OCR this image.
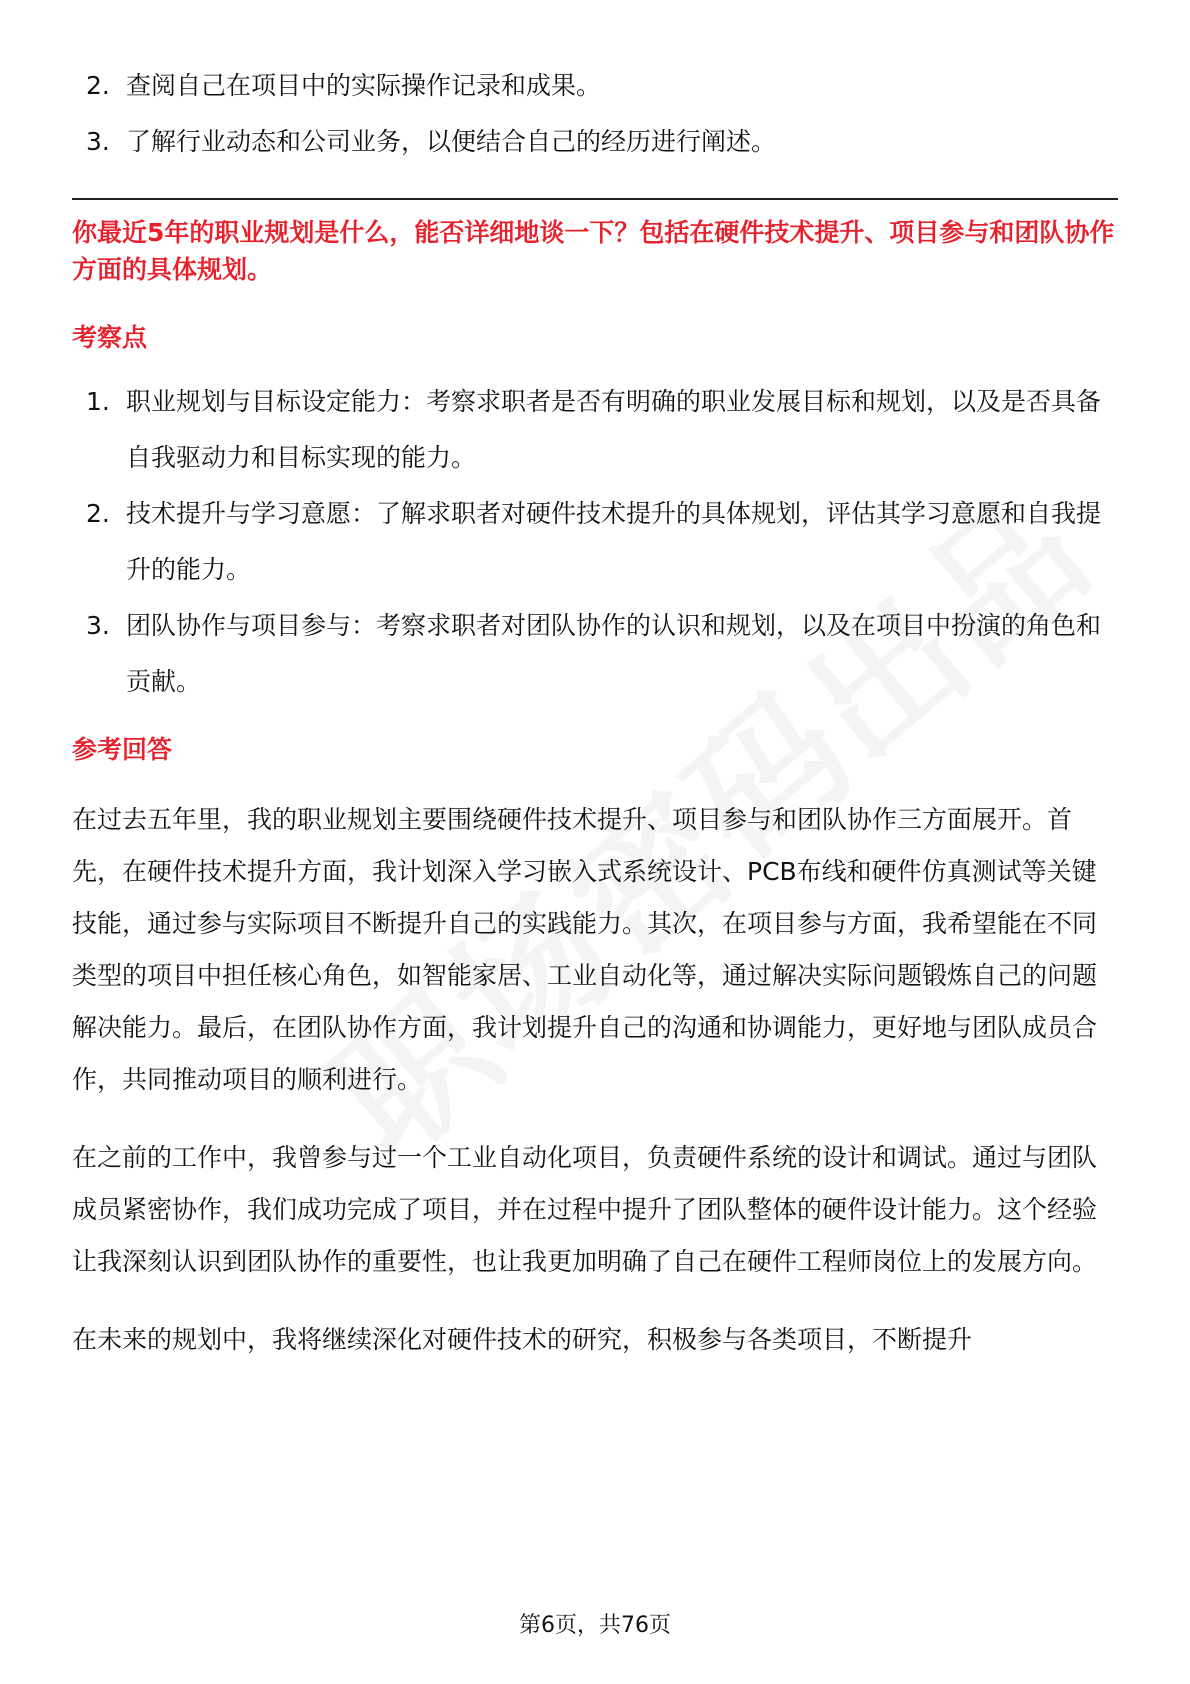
2. 查阅自己在项目中的实际操作记录和成果。
3. 了解行业动态和公司业务，以便结合自己的经历进行阐述。

你最近5年的职业规划是什么，能否详细地谈一下？包括在硬件技术提升、项目参与和团队协作方面的具体规划。

考察点
1. 职业规划与目标设定能力：考察求职者是否有明确的职业发展目标和规划，以及是否具备自我驱动力和目标实现的能力。
2. 技术提升与学习意愿：了解求职者对硬件技术提升的具体规划，评估其学习意愿和自我提升的能力。
3. 团队协作与项目参与：考察求职者对团队协作的认识和规划，以及在项目中扮演的角色和贡献。
参考回答

在过去五年里，我的职业规划主要围绕硬件技术提升、项目参与和团队协作三方面展开。首先，在硬件技术提升方面，我计划深入学习嵌入式系统设计、PCB布线和硬件仿真测试等关键技能，通过参与实际项目不断提升自己的实践能力。其次，在项目参与方面，我希望能在不同类型的项目中担任核心角色，如智能家居、工业自动化等，通过解决实际问题锻炼自己的问题解决能力。最后，在团队协作方面，我计划提升自己的沟通和协调能力，更好地与团队成员合作，共同推动项目的顺利进行。

在之前的工作中，我曾参与过一个工业自动化项目，负责硬件系统的设计和调试。通过与团队成员紧密协作，我们成功完成了项目，并在过程中提升了团队整体的硬件设计能力。这个经验让我深刻认识到团队协作的重要性，也让我更加明确了自己在硬件工程师岗位上的发展方向。

在未来的规划中，我将继续深化对硬件技术的研究，积极参与各类项目，不断提升

第6页，共76页
